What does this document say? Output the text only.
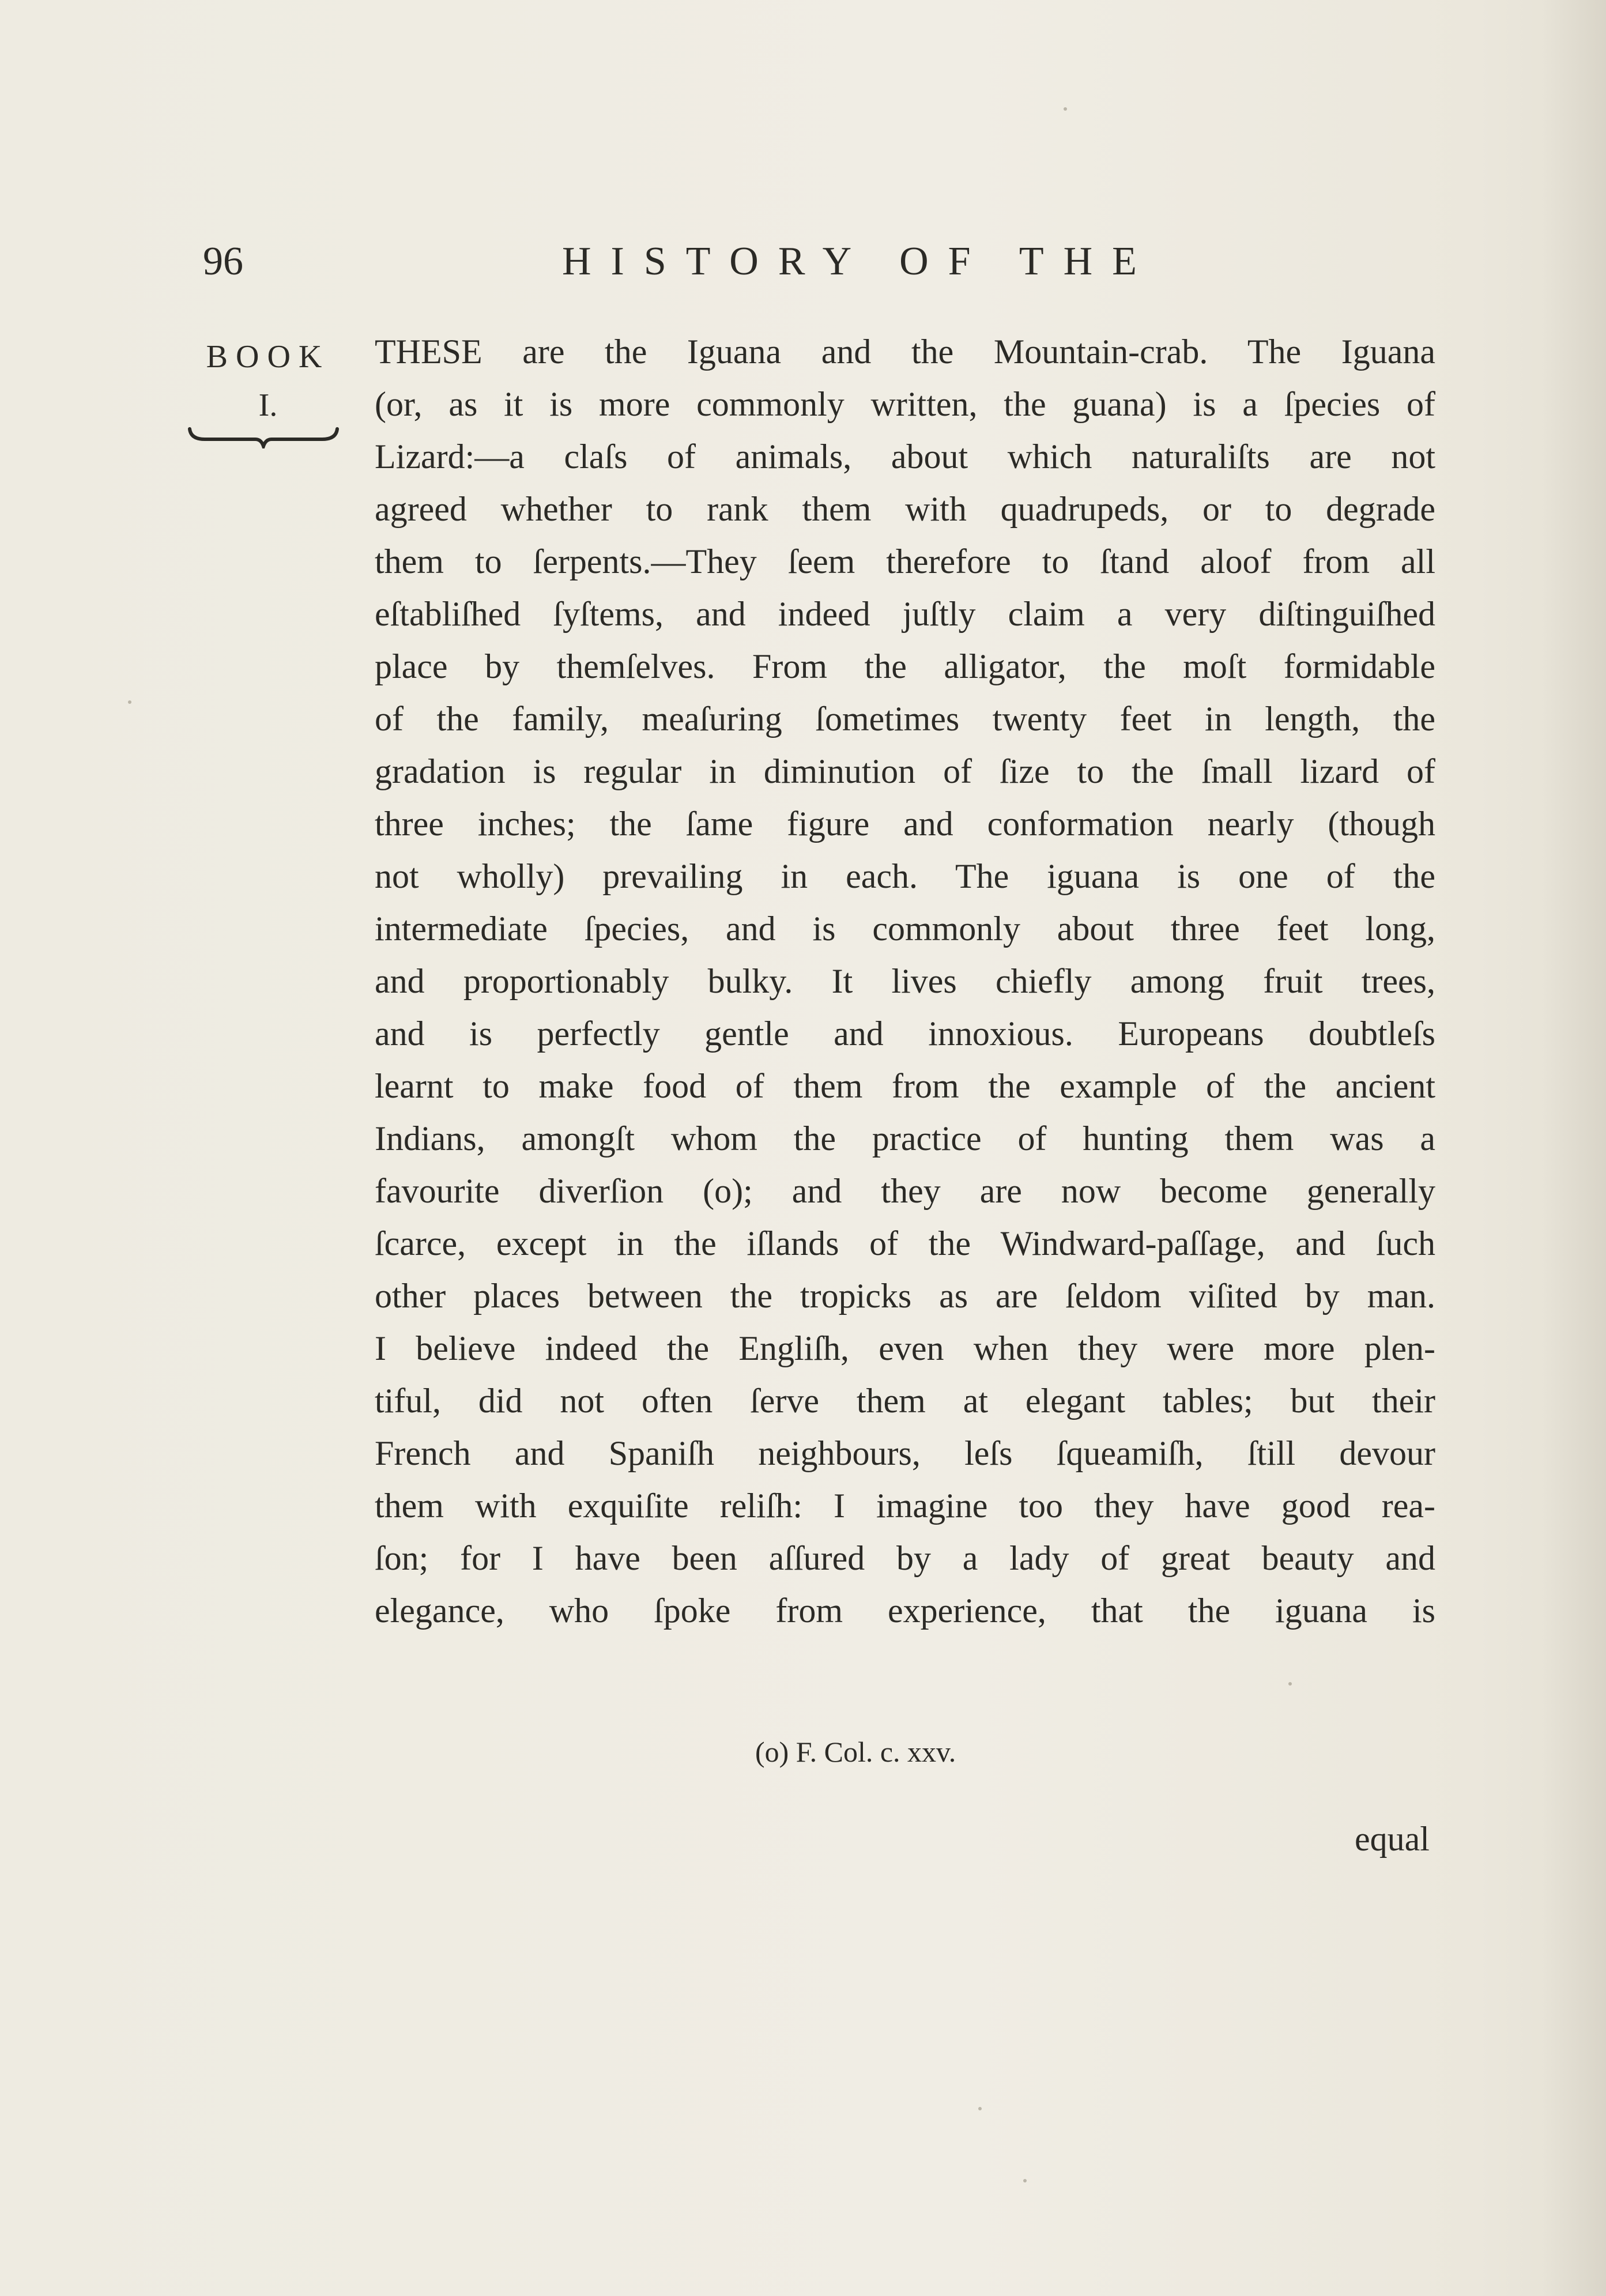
96	HISTORY OF THE
BOOK
I.
THESE are the Iguana and the Mountain-crab. The Iguana
(or, as it is more commonly written, the guana) is a ſpecies of
Lizard:—a claſs of animals, about which naturaliſts are not
agreed whether to rank them with quadrupeds, or to degrade
them to ſerpents.—They ſeem therefore to ſtand aloof from all
eſtabliſhed ſyſtems, and indeed juſtly claim a very diſtinguiſhed
place by themſelves. From the alligator, the moſt formidable
of the family, meaſuring ſometimes twenty feet in length, the
gradation is regular in diminution of ſize to the ſmall lizard of
three inches; the ſame figure and conformation nearly (though
not wholly) prevailing in each. The iguana is one of the
intermediate ſpecies, and is commonly about three feet long,
and proportionably bulky. It lives chiefly among fruit trees,
and is perfectly gentle and innoxious. Europeans doubtleſs
learnt to make food of them from the example of the ancient
Indians, amongſt whom the practice of hunting them was a
favourite diverſion (o); and they are now become generally
ſcarce, except in the iſlands of the Windward-paſſage, and ſuch
other places between the tropicks as are ſeldom viſited by man.
I believe indeed the Engliſh, even when they were more plen-
tiful, did not often ſerve them at elegant tables; but their
French and Spaniſh neighbours, leſs ſqueamiſh, ſtill devour
them with exquiſite reliſh: I imagine too they have good rea-
ſon; for I have been aſſured by a lady of great beauty and
elegance, who ſpoke from experience, that the iguana is
(o) F. Col. c. xxv.
equal
